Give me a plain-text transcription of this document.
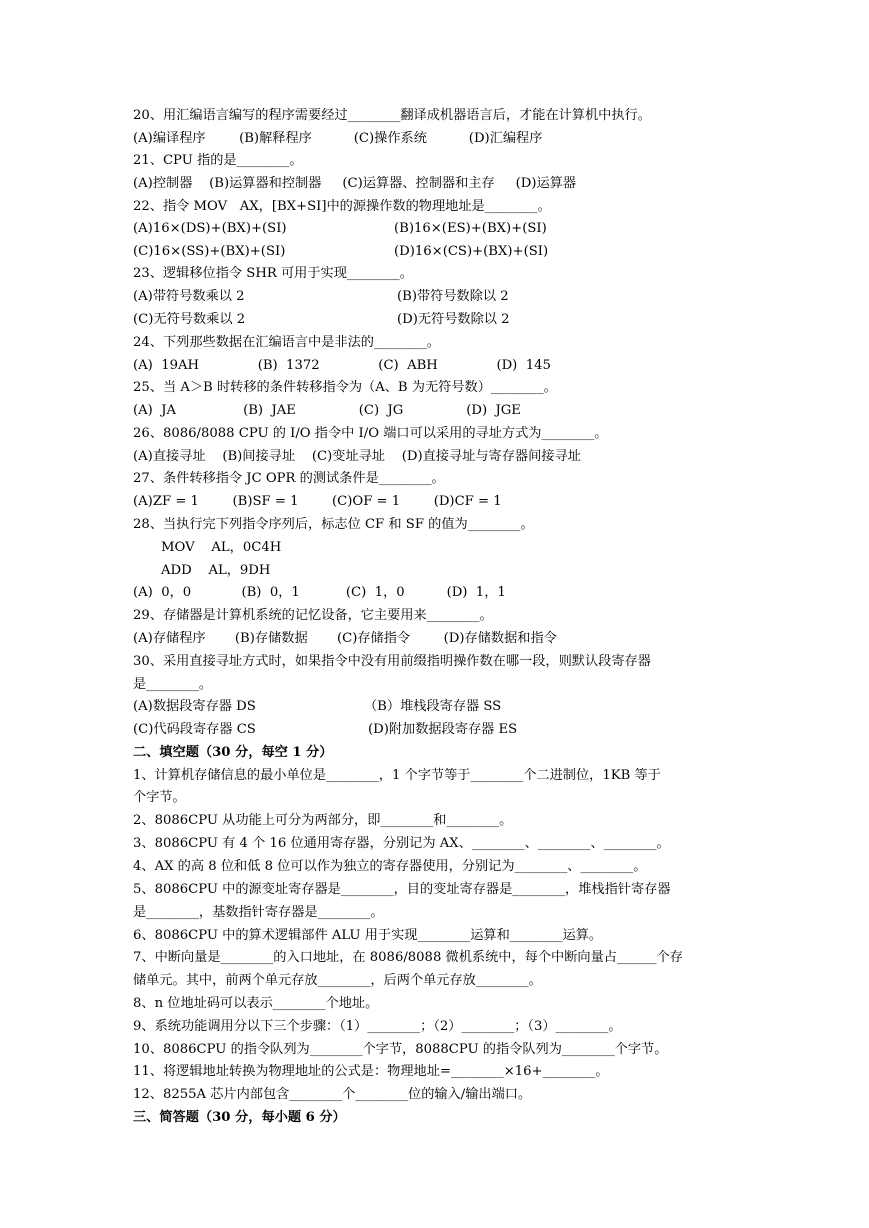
20、用汇编语言编写的程序需要经过________翻译成机器语言后，才能在计算机中执行。
(A)编译程序        (B)解释程序          (C)操作系统          (D)汇编程序
21、CPU 指的是________。
(A)控制器    (B)运算器和控制器     (C)运算器、控制器和主存     (D)运算器
22、指令 MOV   AX，[BX+SI]中的源操作数的物理地址是________。

(A)16×(DS)+(BX)+(SI)

	(B)16×(ES)+(BX)+(SI)

(C)16×(SS)+(BX)+(SI)

	(D)16×(CS)+(BX)+(SI)

23、逻辑移位指令 SHR 可用于实现________。

(A)带符号数乘以 2

	(B)带符号数除以 2

(C)无符号数乘以 2

	(D)无符号数除以 2

24、下列那些数据在汇编语言中是非法的________。
(A)  19AH              (B)  1372              (C)  ABH              (D)  145
25、当 A＞B 时转移的条件转移指令为（A、B 为无符号数）________。
(A)  JA                (B)  JAE               (C)  JG               (D)  JGE
26、8086/8088 CPU 的 I/O 指令中 I/O 端口可以采用的寻址方式为________。
(A)直接寻址    (B)间接寻址    (C)变址寻址    (D)直接寻址与寄存器间接寻址
27、条件转移指令 JC OPR 的测试条件是________。
(A)ZF = 1        (B)SF = 1        (C)OF = 1        (D)CF = 1
28、当执行完下列指令序列后，标志位 CF 和 SF 的值为________。
MOV    AL，0C4H
ADD    AL，9DH
(A)  0，0            (B)  0，1           (C)  1，0          (D)  1，1
29、存储器是计算机系统的记忆设备，它主要用来________。
(A)存储程序       (B)存储数据       (C)存储指令        (D)存储数据和指令
30、采用直接寻址方式时，如果指令中没有用前缀指明操作数在哪一段，则默认段寄存器
是________。

(A)数据段寄存器 DS

	（B）堆栈段寄存器 SS

(C)代码段寄存器 CS

	(D)附加数据段寄存器 ES

二、填空题（30 分，每空 1 分）
1、计算机存储信息的最小单位是________，1 个字节等于________个二进制位，1KB 等于
个字节。
2、8086CPU 从功能上可分为两部分，即________和________。
3、8086CPU 有 4 个 16 位通用寄存器，分别记为 AX、________、________、________。
4、AX 的高 8 位和低 8 位可以作为独立的寄存器使用，分别记为________、________。
5、8086CPU 中的源变址寄存器是________，目的变址寄存器是________，堆栈指针寄存器
是________，基数指针寄存器是________。
6、8086CPU 中的算术逻辑部件 ALU 用于实现________运算和________运算。
7、中断向量是________的入口地址，在 8086/8088 微机系统中，每个中断向量占______个存
储单元。其中，前两个单元存放________，后两个单元存放________。
8、n 位地址码可以表示________个地址。
9、系统功能调用分以下三个步骤：（1）________；（2）________；（3）________。
10、8086CPU 的指令队列为________个字节，8088CPU 的指令队列为________个字节。
11、将逻辑地址转换为物理地址的公式是：物理地址=________×16+________。
12、8255A 芯片内部包含________个________位的输入/输出端口。
三、简答题（30 分，每小题 6 分）
